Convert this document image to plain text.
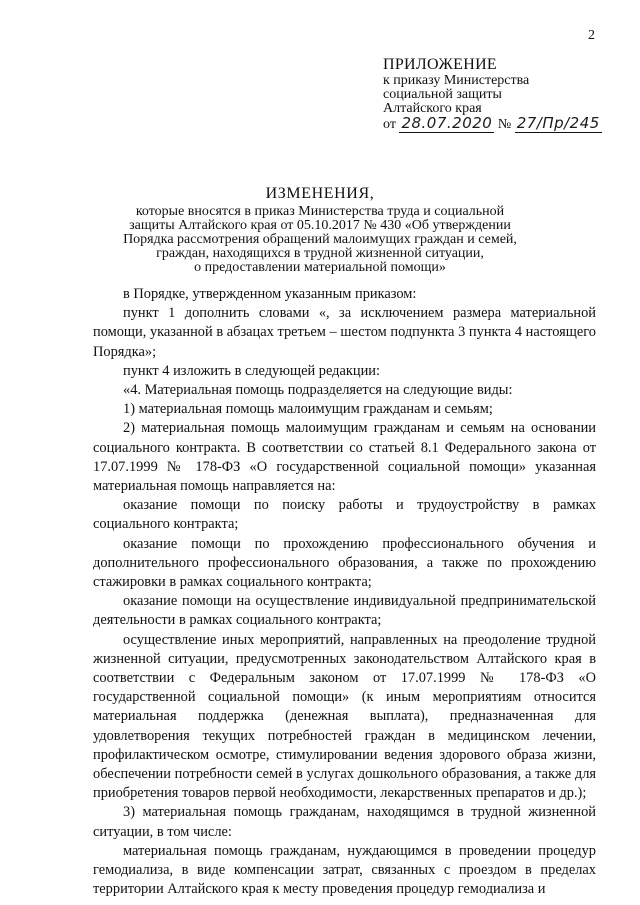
2
ПРИЛОЖЕНИЕ
к приказу Министерства
социальной защиты
Алтайского края
от 28.07.2020 № 27/Пр/245
ИЗМЕНЕНИЯ,
которые вносятся в приказ Министерства труда и социальной
защиты Алтайского края от 05.10.2017 № 430 «Об утверждении
Порядка рассмотрения обращений малоимущих граждан и семей,
граждан, находящихся в трудной жизненной ситуации,
о предоставлении материальной помощи»

в Порядке, утвержденном указанным приказом:

пункт 1 дополнить словами «, за исключением размера материальной помощи, указанной в абзацах третьем – шестом подпункта 3 пункта 4 настоящего Порядка»;

пункт 4 изложить в следующей редакции:

«4. Материальная помощь подразделяется на следующие виды:

1) материальная помощь малоимущим гражданам и семьям;

2) материальная помощь малоимущим гражданам и семьям на основании социального контракта. В соответствии со статьей 8.1 Федерального закона от 17.07.1999 № 178-ФЗ «О государственной социальной помощи» указанная материальная помощь направляется на:

оказание помощи по поиску работы и трудоустройству в рамках социального контракта;

оказание помощи по прохождению профессионального обучения и дополнительного профессионального образования, а также по прохождению стажировки в рамках социального контракта;

оказание помощи на осуществление индивидуальной предпринимательской деятельности в рамках социального контракта;

осуществление иных мероприятий, направленных на преодоление трудной жизненной ситуации, предусмотренных законодательством Алтайского края в соответствии с Федеральным законом от 17.07.1999 № 178-ФЗ «О государственной социальной помощи» (к иным мероприятиям относится материальная поддержка (денежная выплата), предназначенная для удовлетворения текущих потребностей граждан в медицинском лечении, профилактическом осмотре, стимулировании ведения здорового образа жизни, обеспечении потребности семей в услугах дошкольного образования, а также для приобретения товаров первой необходимости, лекарственных препаратов и др.);

3) материальная помощь гражданам, находящимся в трудной жизненной ситуации, в том числе:

материальная помощь гражданам, нуждающимся в проведении процедур гемодиализа, в виде компенсации затрат, связанных с проездом в пределах территории Алтайского края к месту проведения процедур гемодиализа и
